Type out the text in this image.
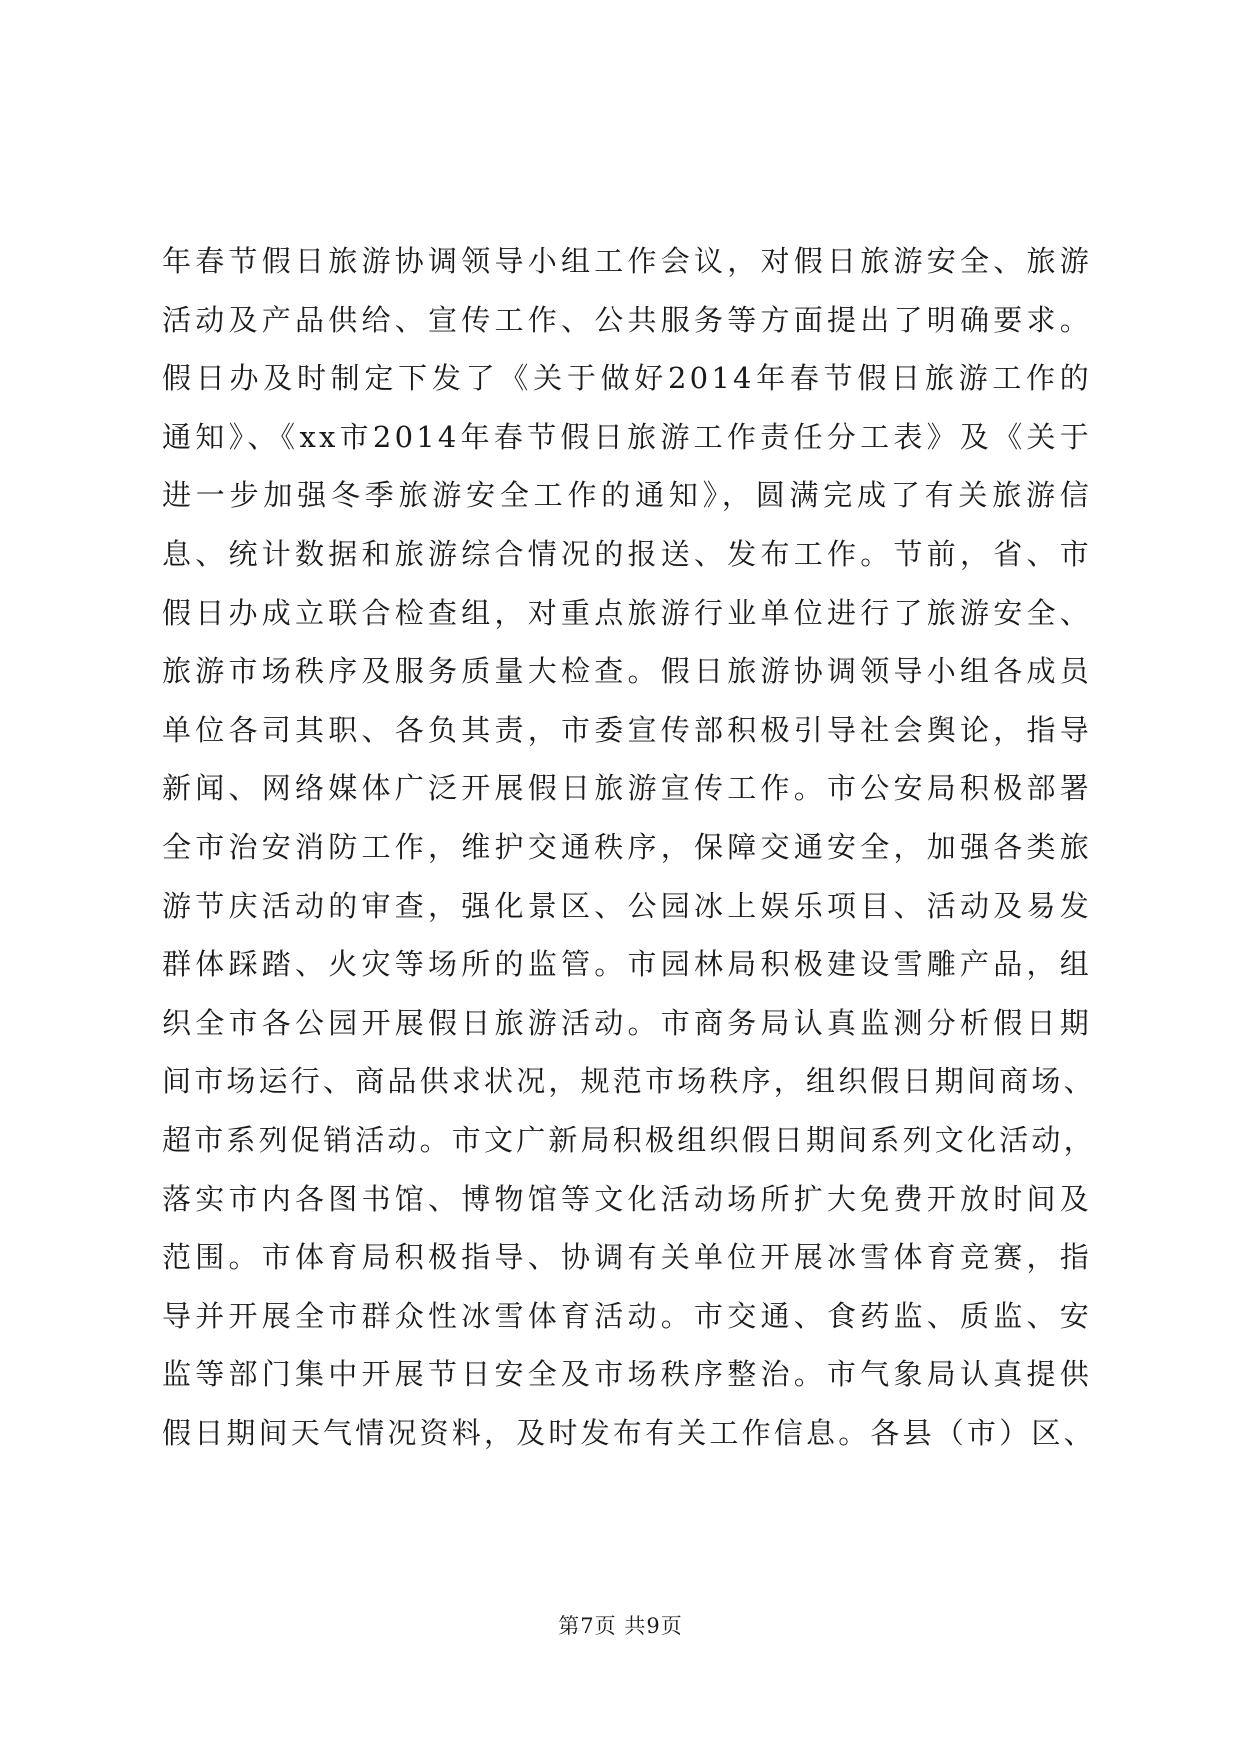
年春节假日旅游协调领导小组工作会议，对假日旅游安全、旅游
活动及产品供给、宣传工作、公共服务等方面提出了明确要求。
假日办及时制定下发了《关于做好2014年春节假日旅游工作的
通知》、《xx市2014年春节假日旅游工作责任分工表》及《关于
进一步加强冬季旅游安全工作的通知》，圆满完成了有关旅游信
息、统计数据和旅游综合情况的报送、发布工作。节前，省、市
假日办成立联合检查组，对重点旅游行业单位进行了旅游安全、
旅游市场秩序及服务质量大检查。假日旅游协调领导小组各成员
单位各司其职、各负其责，市委宣传部积极引导社会舆论，指导
新闻、网络媒体广泛开展假日旅游宣传工作。市公安局积极部署
全市治安消防工作，维护交通秩序，保障交通安全，加强各类旅
游节庆活动的审查，强化景区、公园冰上娱乐项目、活动及易发
群体踩踏、火灾等场所的监管。市园林局积极建设雪雕产品，组
织全市各公园开展假日旅游活动。市商务局认真监测分析假日期
间市场运行、商品供求状况，规范市场秩序，组织假日期间商场、
超市系列促销活动。市文广新局积极组织假日期间系列文化活动，
落实市内各图书馆、博物馆等文化活动场所扩大免费开放时间及
范围。市体育局积极指导、协调有关单位开展冰雪体育竞赛，指
导并开展全市群众性冰雪体育活动。市交通、食药监、质监、安
监等部门集中开展节日安全及市场秩序整治。市气象局认真提供
假日期间天气情况资料，及时发布有关工作信息。各县（市）区、
第7页 共9页
